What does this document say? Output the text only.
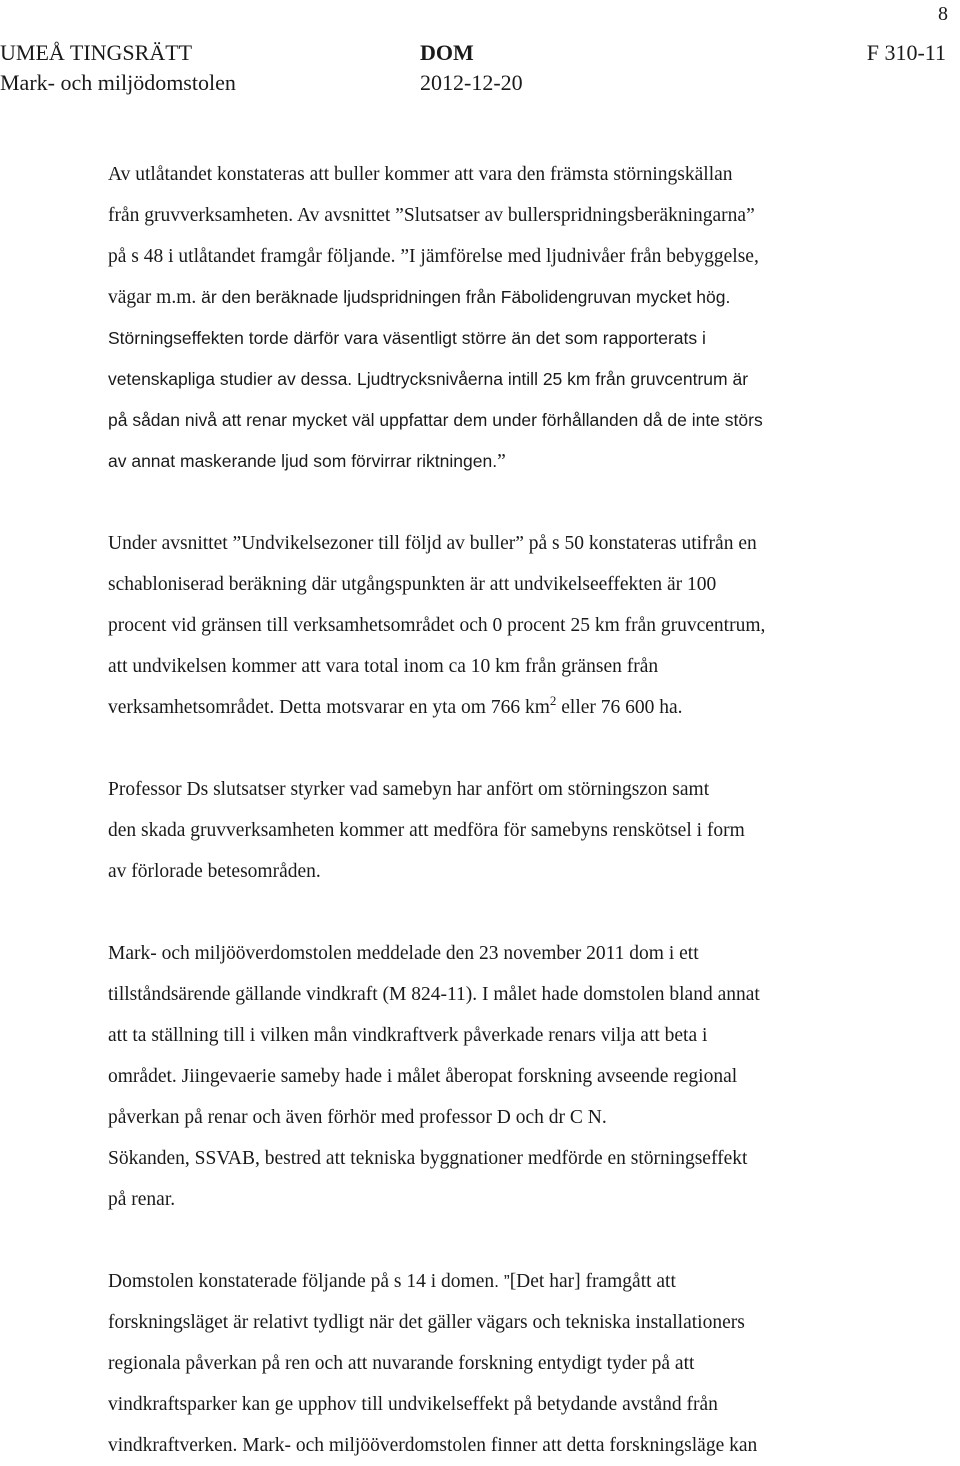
8
UMEÅ TINGSRÄTT
Mark- och miljödomstolen
DOM
2012-12-20
F 310-11

Av utlåtandet konstateras att buller kommer att vara den främsta störningskällan
från gruvverksamheten. Av avsnittet ”Slutsatser av bullerspridningsberäkningarna”
på s 48 i utlåtandet framgår följande. ”I jämförelse med ljudnivåer från bebyggelse,
vägar m.m. är den beräknade ljudspridningen från Fäbolidengruvan mycket hög.
Störningseffekten torde därför vara väsentligt större än det som rapporterats i
vetenskapliga studier av dessa. Ljudtrycksnivåerna intill 25 km från gruvcentrum är
på sådan nivå att renar mycket väl uppfattar dem under förhållanden då de inte störs
av annat maskerande ljud som förvirrar riktningen.”

Under avsnittet ”Undvikelsezoner till följd av buller” på s 50 konstateras utifrån en
schabloniserad beräkning där utgångspunkten är att undvikelseeffekten är 100
procent vid gränsen till verksamhetsområdet och 0 procent 25 km från gruvcentrum,
att undvikelsen kommer att vara total inom ca 10 km från gränsen från
verksamhetsområdet. Detta motsvarar en yta om 766 $km^2$ eller 76 600 ha.

Professor Ds slutsatser styrker vad samebyn har anfört om störningszon samt
den skada gruvverksamheten kommer att medföra för samebyns renskötsel i form
av förlorade betesområden.

Mark- och miljööverdomstolen meddelade den 23 november 2011 dom i ett
tillståndsärende gällande vindkraft (M 824-11). I målet hade domstolen bland annat
att ta ställning till i vilken mån vindkraftverk påverkade renars vilja att beta i
området. Jiingevaerie sameby hade i målet åberopat forskning avseende regional
påverkan på renar och även förhör med professor D och dr C N.

Sökanden, SSVAB, bestred att tekniska byggnationer medförde en störningseffekt
på renar.

Domstolen konstaterade följande på s 14 i domen. ”[Det har] framgått att
forskningsläget är relativt tydligt när det gäller vägars och tekniska installationers
regionala påverkan på ren och att nuvarande forskning entydigt tyder på att
vindkraftsparker kan ge upphov till undvikelseffekt på betydande avstånd från
vindkraftverken. Mark- och miljööverdomstolen finner att detta forskningsläge kan
